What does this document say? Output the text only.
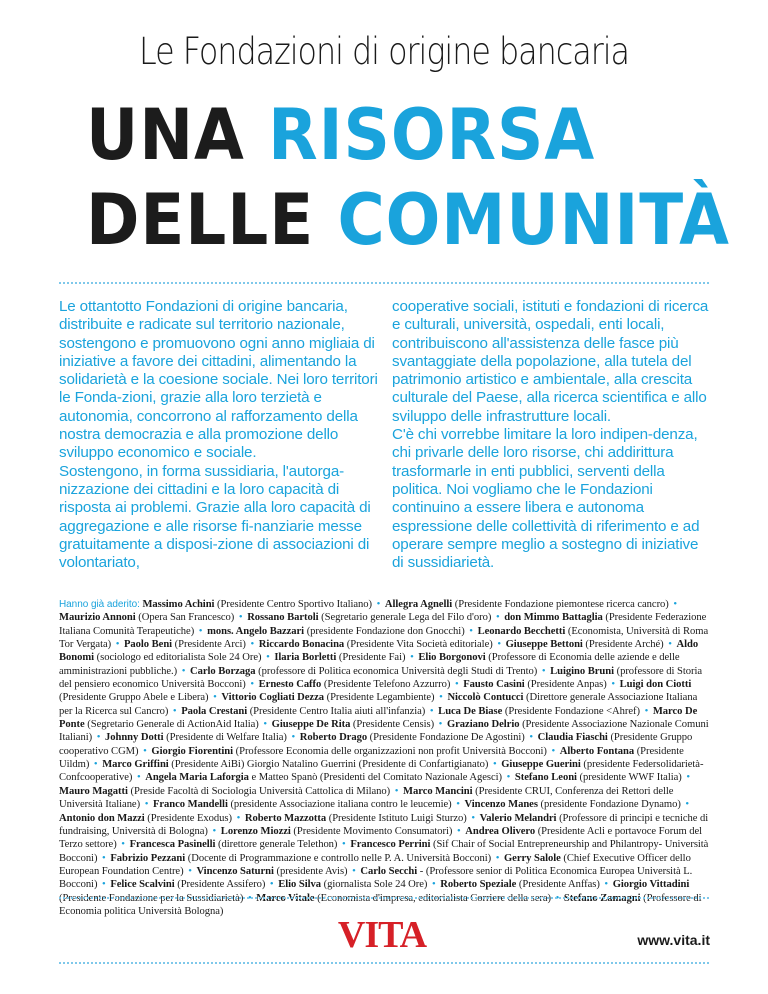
Le Fondazioni di origine bancaria
UNA RISORSA
DELLE COMUNITÀ

Le ottantotto Fondazioni di origine bancaria, distribuite e radicate sul territorio nazionale, sostengono e promuovono ogni anno migliaia di iniziative a favore dei cittadini, alimentando la solidarietà e la coesione sociale. Nei loro territori le Fonda-zioni, grazie alla loro terzietà e autonomia, concorrono al rafforzamento della nostra democrazia e alla promozione dello sviluppo economico e sociale.

Sostengono, in forma sussidiaria, l'autorga-nizzazione dei cittadini e la loro capacità di risposta ai problemi. Grazie alla loro capacità di aggregazione e alle risorse fi-nanziarie messe gratuitamente a disposi-zione di associazioni di volontariato,

cooperative sociali, istituti e fondazioni di ricerca e culturali, università, ospedali, enti locali, contribuiscono all'assistenza delle fasce più svantaggiate della popolazione, alla tutela del patrimonio artistico e ambientale, alla crescita culturale del Paese, alla ricerca scientifica e allo sviluppo delle infrastrutture locali.

C'è chi vorrebbe limitare la loro indipen-denza, chi privarle delle loro risorse, chi addirittura trasformarle in enti pubblici, serventi della politica. Noi vogliamo che le Fondazioni continuino a essere libera e autonoma espressione delle collettività di riferimento e ad operare sempre meglio a sostegno di iniziative di sussidiarietà.

Hanno già aderito: Massimo Achini (Presidente Centro Sportivo Italiano) • Allegra Agnelli (Presidente Fondazione piemontese ricerca cancro) • Maurizio Annoni (Opera San Francesco) • Rossano Bartoli (Segretario generale Lega del Filo d'oro) • don Mimmo Battaglia (Presidente Federazione Italiana Comunità Terapeutiche) • mons. Angelo Bazzari (presidente Fondazione don Gnocchi) • Leonardo Becchetti (Economista, Università di Roma Tor Vergata) • Paolo Beni (Presidente Arci) • Riccardo Bonacina (Presidente Vita Società editoriale) • Giuseppe Bettoni (Presidente Arché) • Aldo Bonomi (sociologo ed editorialista Sole 24 Ore) • Ilaria Borletti (Presidente Fai) • Elio Borgonovi (Professore di Economia delle aziende e delle amministrazioni pubbliche.) • Carlo Borzaga (professore di Politica economica Università degli Studi di Trento) • Luigino Bruni (professore di Storia del pensiero economico Università Bocconi) • Ernesto Caffo (Presidente Telefono Azzurro) • Fausto Casini (Presidente Anpas) • Luigi don Ciotti (Presidente Gruppo Abele e Libera) • Vittorio Cogliati Dezza (Presidente Legambiente) • Niccolò Contucci (Direttore generale Associazione Italiana per la Ricerca sul Cancro) • Paola Crestani (Presidente Centro Italia aiuti all'infanzia) • Luca De Biase (Presidente Fondazione <Ahref) • Marco De Ponte (Segretario Generale di ActionAid Italia) • Giuseppe De Rita (Presidente Censis) • Graziano Delrio (Presidente Associazione Nazionale Comuni Italiani) • Johnny Dotti (Presidente di Welfare Italia) • Roberto Drago (Presidente Fondazione De Agostini) • Claudia Fiaschi (Presidente Gruppo cooperativo CGM) • Giorgio Fiorentini (Professore Economia delle organizzazioni non profit Università Bocconi) • Alberto Fontana (Presidente Uildm) • Marco Griffini (Presidente AiBi) Giorgio Natalino Guerrini (Presidente di Confartigianato) • Giuseppe Guerini (presidente Federsolidarietà-Confcooperative) • Angela Maria Laforgia e Matteo Spanò (Presidenti del Comitato Nazionale Agesci) • Stefano Leoni (presidente WWF Italia) • Mauro Magatti (Preside Facoltà di Sociologia Università Cattolica di Milano) • Marco Mancini (Presidente CRUI, Conferenza dei Rettori delle Università Italiane) • Franco Mandelli (presidente Associazione italiana contro le leucemie) • Vincenzo Manes (presidente Fondazione Dynamo) • Antonio don Mazzi (Presidente Exodus) • Roberto Mazzotta (Presidente Istituto Luigi Sturzo) • Valerio Melandri (Professore di principi e tecniche di fundraising, Università di Bologna) • Lorenzo Miozzi (Presidente Movimento Consumatori) • Andrea Olivero (Presidente Acli e portavoce Forum del Terzo settore) • Francesca Pasinelli (direttore generale Telethon) • Francesco Perrini (Sif Chair of Social Entrepreneurship and Philantropy- Università Bocconi) • Fabrizio Pezzani (Docente di Programmazione e controllo nelle P. A. Università Bocconi) • Gerry Salole (Chief Executive Officer dello European Foundation Centre) • Vincenzo Saturni (presidente Avis) • Carlo Secchi - (Professore senior di Politica Economica Europea Università L. Bocconi) • Felice Scalvini (Presidente Assifero) • Elio Silva (giornalista Sole 24 Ore) • Roberto Speziale (Presidente Anffas) • Giorgio Vittadini (Presidente Fondazione per la Sussidiarietà) • Marco Vitale (Economista d'impresa, editorialista Corriere della sera) • Stefano Zamagni (Professore di Economia politica Università Bologna)
VITA	www.vita.it
